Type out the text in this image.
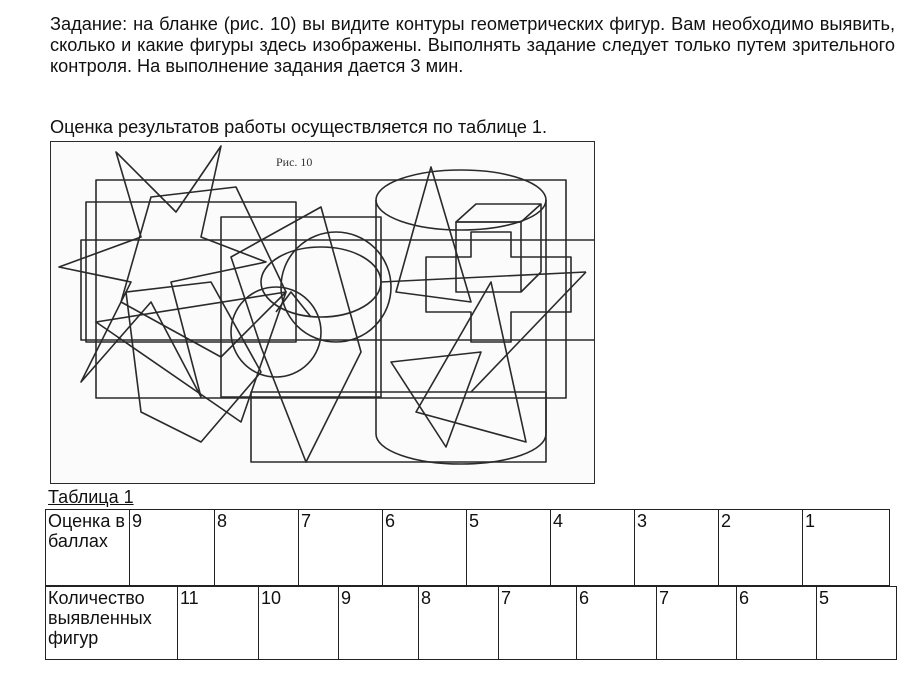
Задание: на бланке (рис. 10) вы видите контуры геометрических фигур. Вам необходимо выявить, сколько и какие фигуры здесь изображены. Выполнять задание следует только путем зрительного контроля. На выполнение задания дается 3 мин.
Оценка результатов работы осуществляется по таблице 1.
Рис. 10
Таблица 1
Оценка в баллах	9	8	7	6	5	4	3	2	1
Количество выявленных фигур	11	10	9	8	7	6	7	6	5
